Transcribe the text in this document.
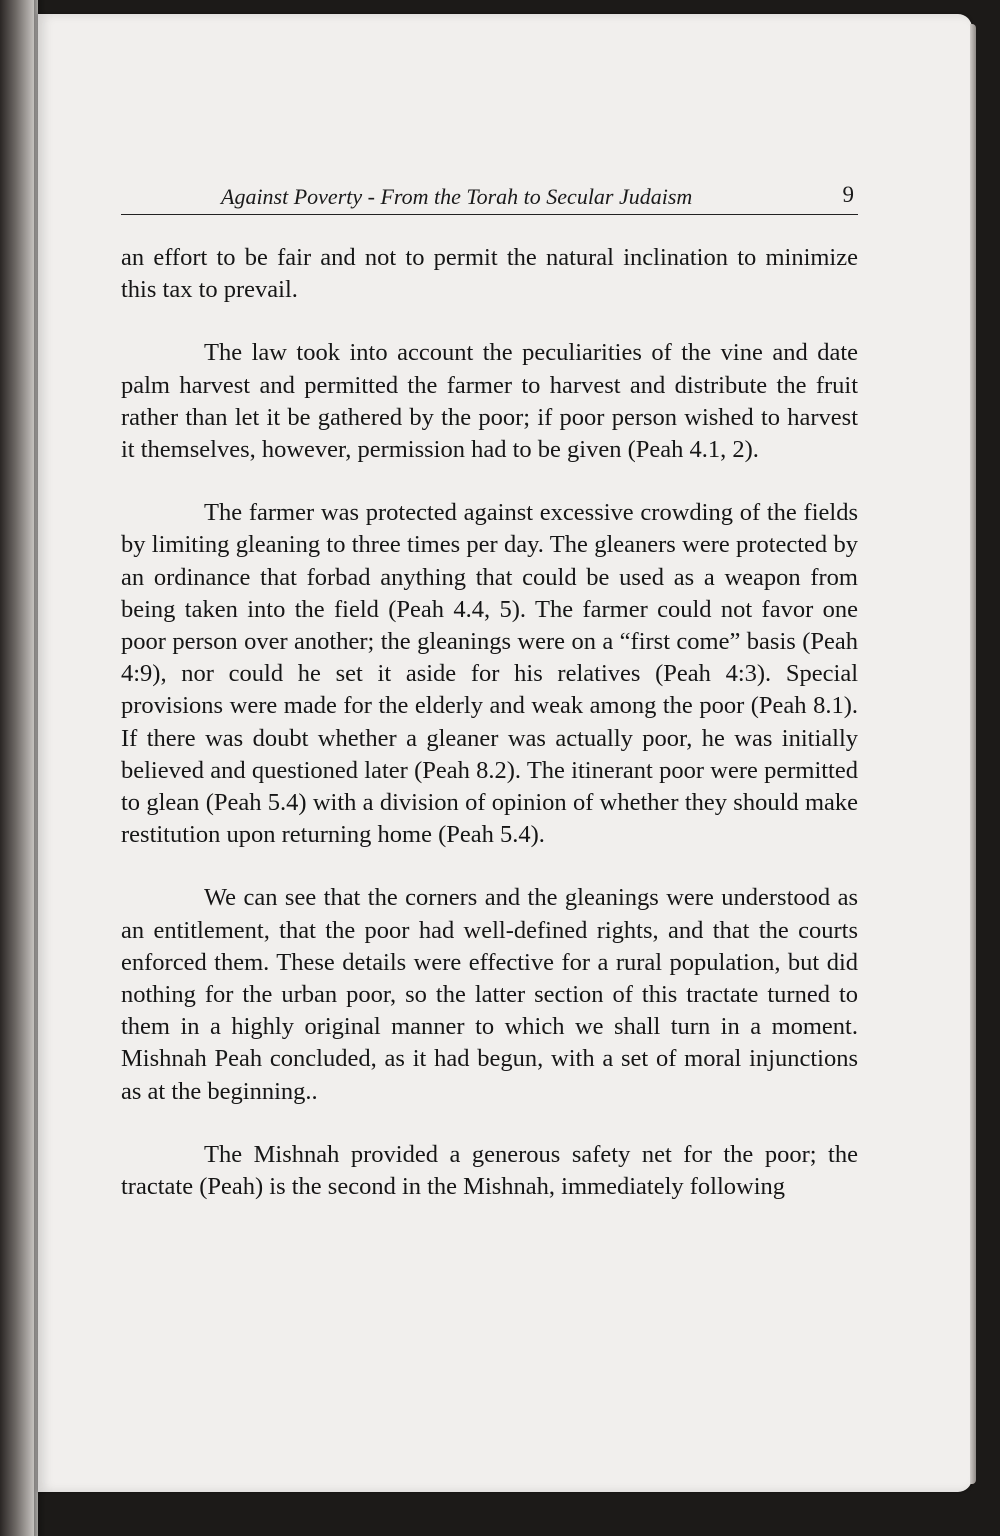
Against Poverty - From the Torah to Secular Judaism	9

an effort to be fair and not to permit the natural inclination to minimize this tax to prevail.

The law took into account the peculiarities of the vine and date palm harvest and permitted the farmer to harvest and distribute the fruit rather than let it be gathered by the poor; if poor person wished to harvest it themselves, however, permission had to be given (Peah 4.1, 2).

The farmer was protected against excessive crowding of the fields by limiting gleaning to three times per day. The gleaners were protected by an ordinance that forbad anything that could be used as a weapon from being taken into the field (Peah 4.4, 5). The farmer could not favor one poor person over another; the gleanings were on a “first come” basis (Peah 4:9), nor could he set it aside for his relatives (Peah 4:3). Special provisions were made for the elderly and weak among the poor (Peah 8.1). If there was doubt whether a gleaner was actually poor, he was initially believed and questioned later (Peah 8.2). The itinerant poor were permitted to glean (Peah 5.4) with a division of opinion of whether they should make restitution upon returning home (Peah 5.4).

We can see that the corners and the gleanings were understood as an entitlement, that the poor had well-defined rights, and that the courts enforced them. These details were effective for a rural population, but did nothing for the urban poor, so the latter section of this tractate turned to them in a highly original manner to which we shall turn in a moment. Mishnah Peah concluded, as it had begun, with a set of moral injunctions as at the beginning..

The Mishnah provided a generous safety net for the poor; the tractate (Peah) is the second in the Mishnah, immediately following
